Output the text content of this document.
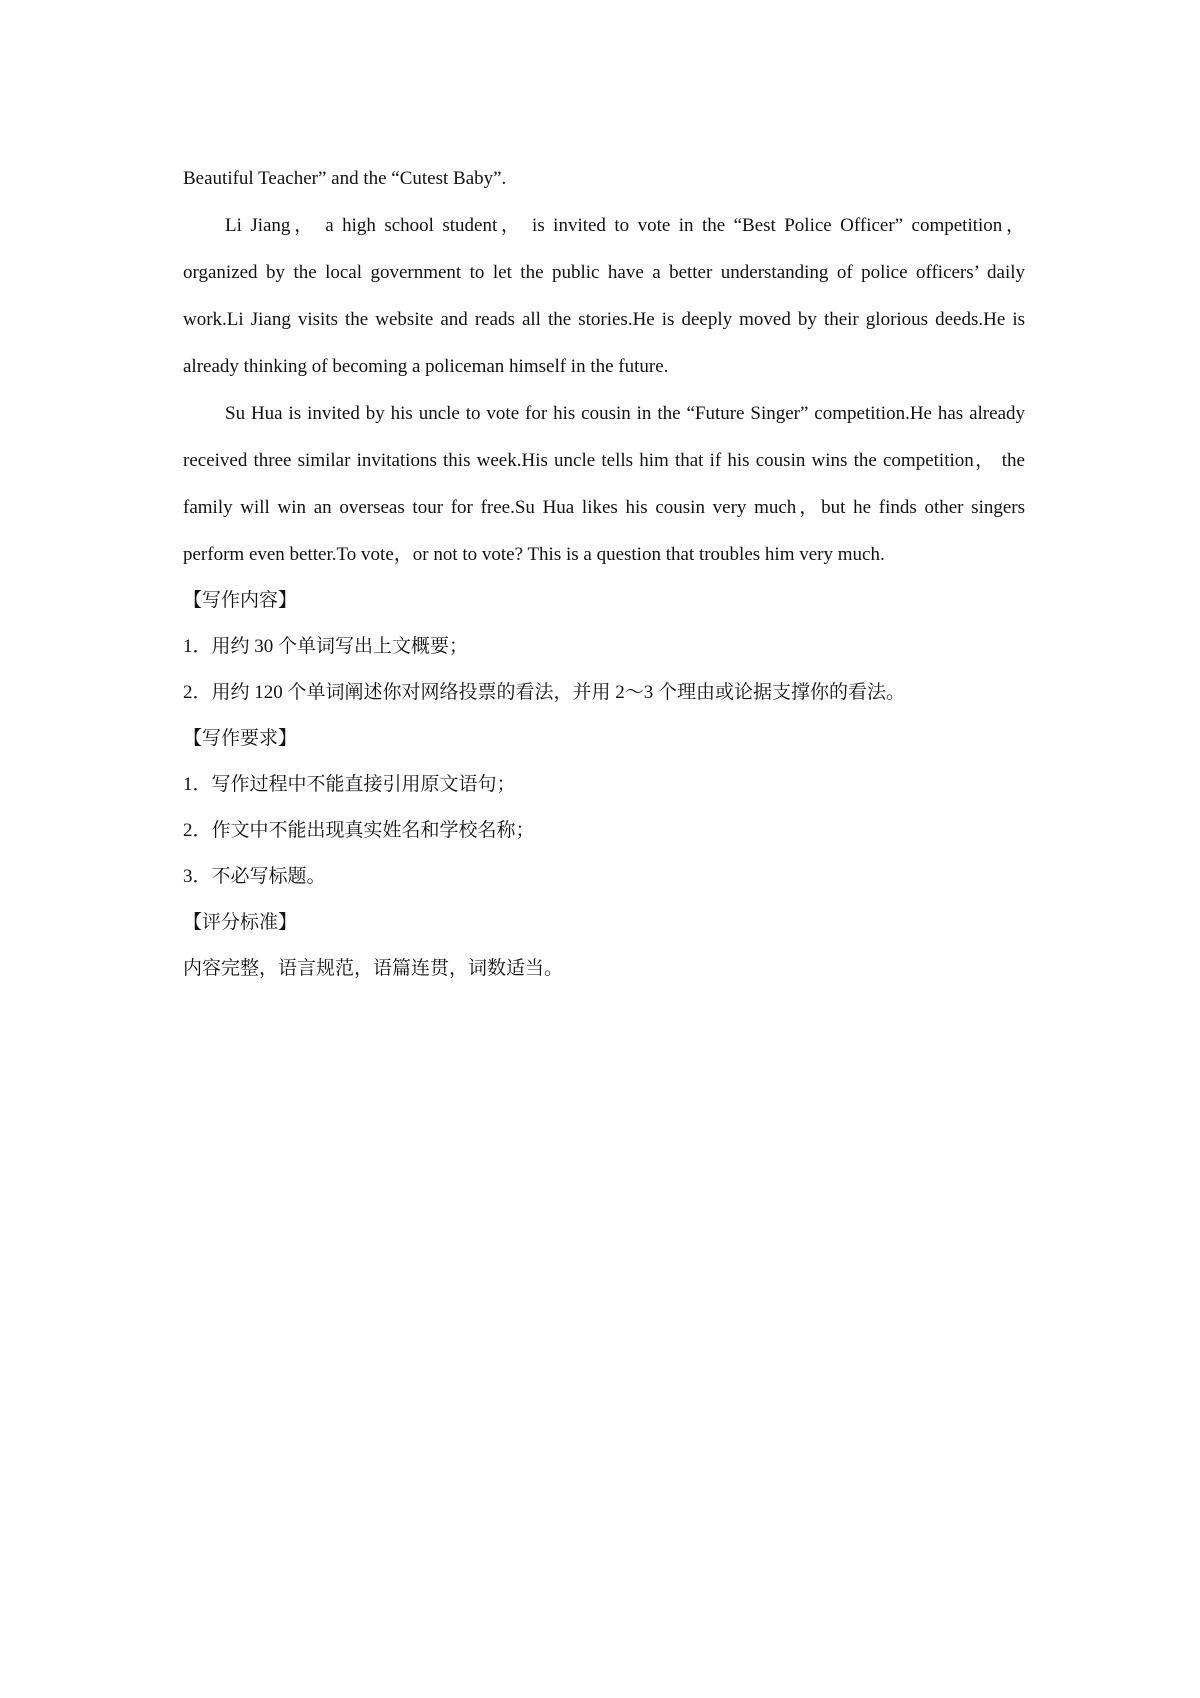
Beautiful Teacher” and the “Cutest Baby”.

Li Jiang， a high school student， is invited to vote in the “Best Police Officer” competition，organized by the local government to let the public have a better understanding of police officers’ daily work.Li Jiang visits the website and reads all the stories.He is deeply moved by their glorious deeds.He is already thinking of becoming a policeman himself in the future.

Su Hua is invited by his uncle to vote for his cousin in the “Future Singer” competition.He has already received three similar invitations this week.His uncle tells him that if his cousin wins the competition， the family will win an overseas tour for free.Su Hua likes his cousin very much，but he finds other singers perform even better.To vote，or not to vote? This is a question that troubles him very much.

【写作内容】

1．用约 30 个单词写出上文概要；

2．用约 120 个单词阐述你对网络投票的看法，并用 2～3 个理由或论据支撑你的看法。

【写作要求】

1．写作过程中不能直接引用原文语句；

2．作文中不能出现真实姓名和学校名称；

3．不必写标题。

【评分标准】

内容完整，语言规范，语篇连贯，词数适当。
